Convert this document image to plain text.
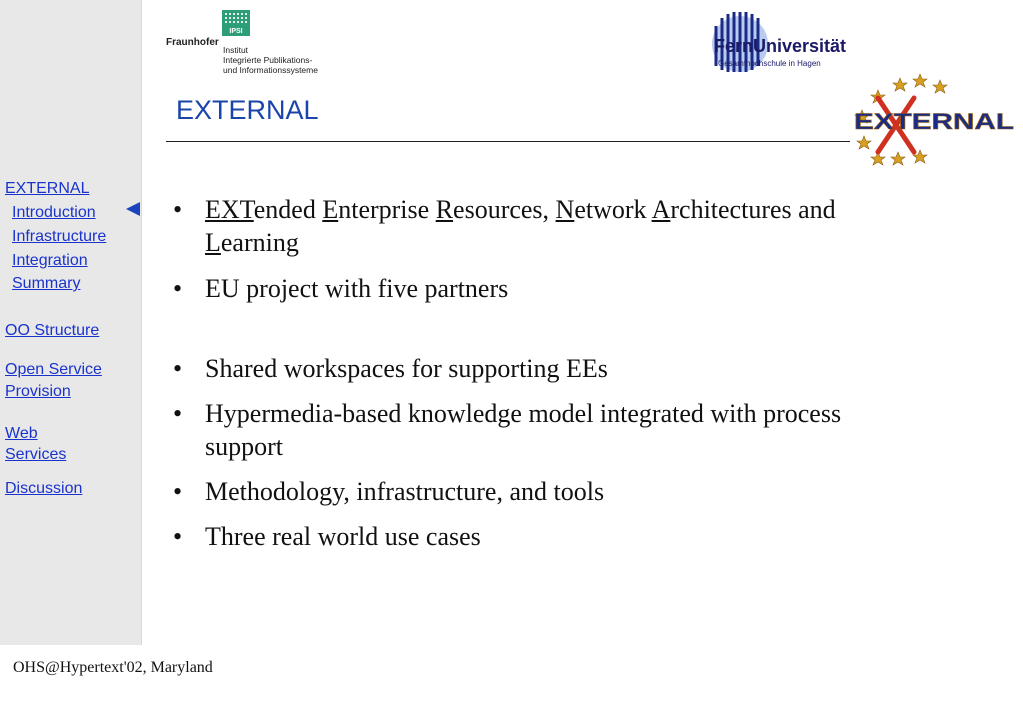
EXTERNAL
Introduction
Infrastructure
Integration
Summary
OO Structure
Open Service
Provision
Web
Services
Discussion
IPSI
Fraunhofer
Institut
Integrierte Publikations-
und Informationssysteme
FernUniversität
Gesamthochschule in Hagen
EXTERNAL	EXTERNAL
• EXTended Enterprise Resources, Network Architectures and Learning
• EU project with five partners
• Shared workspaces for supporting EEs
• Hypermedia-based knowledge model integrated with process support
• Methodology, infrastructure, and tools
• Three real world use cases
OHS@Hypertext'02, Maryland
